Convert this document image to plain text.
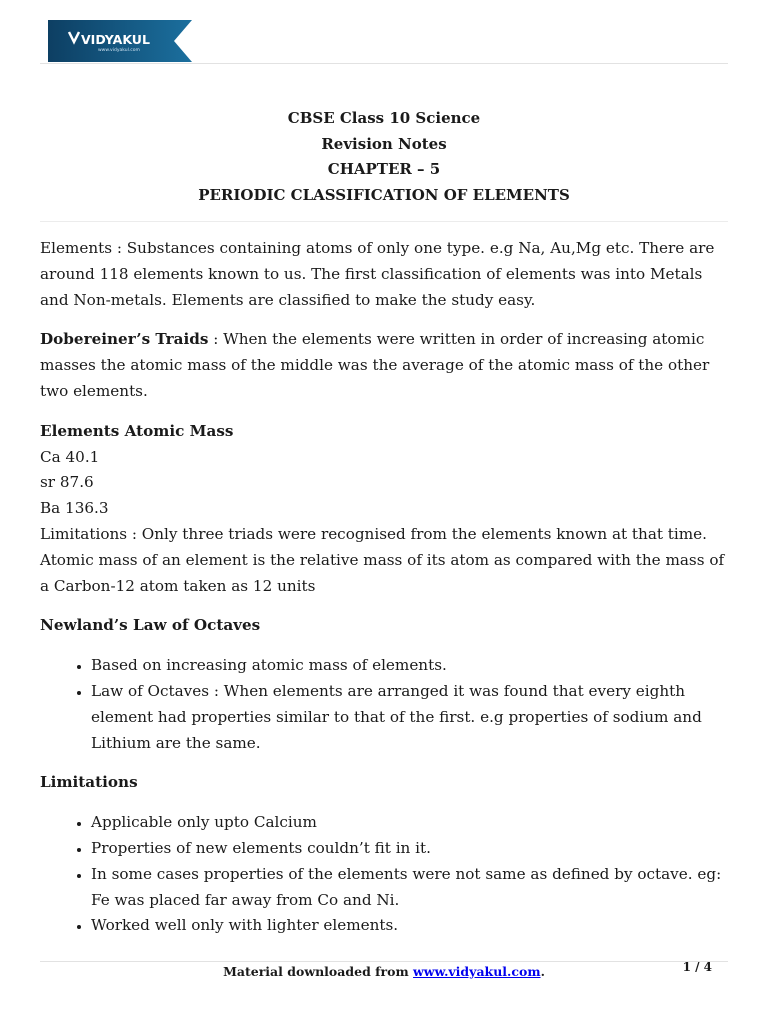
VIDYAKUL
www.vidyakul.com
CBSE Class 10 Science
Revision Notes
CHAPTER – 5
PERIODIC CLASSIFICATION OF ELEMENTS

Elements : Substances containing atoms of only one type. e.g Na, Au,Mg etc. There are around 118 elements known to us. The first classification of elements was into Metals and Non-metals. Elements are classified to make the study easy.

Dobereiner’s Traids : When the elements were written in order of increasing atomic masses the atomic mass of the middle was the average of the atomic mass of the other two elements.

Elements Atomic Mass
Ca 40.1
sr 87.6
Ba 136.3
Limitations : Only three triads were recognised from the elements known at that time.

Atomic mass of an element is the relative mass of its atom as compared with the mass of a Carbon-12 atom taken as 12 units

Newland’s Law of Octaves
• Based on increasing atomic mass of elements.
• Law of Octaves : When elements are arranged it was found that every eighth element had properties similar to that of the first. e.g properties of sodium and Lithium are the same.
Limitations
• Applicable only upto Calcium
• Properties of new elements couldn’t fit in it.
• In some cases properties of the elements were not same as defined by octave. eg: Fe was placed far away from Co and Ni.
• Worked well only with lighter elements.
Material downloaded from www.vidyakul.com.	1 / 4
